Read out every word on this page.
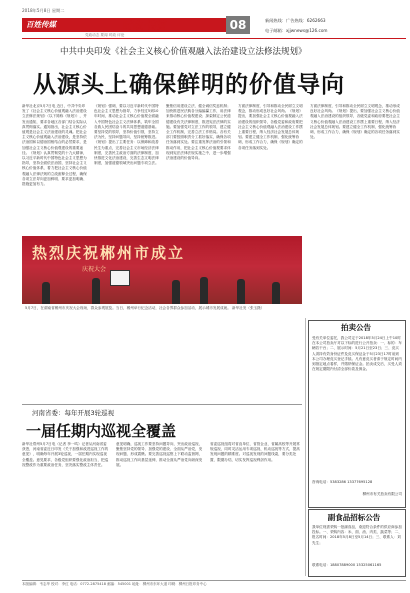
2018年5月8日 星期二
百姓传媒	时政·博览	08
党政动态 要闻 时政 评论
新闻热线：广告热线：6262663
电子邮箱：xjjwnews@126.com
中共中央印发《社会主义核心价值观融入法治建设立法修法规划》
从源头上确保鲜明的价值导向
新华社北京5月7日电 近日，中共中央印发了《社会主义核心价值观融入法治建设立法修法规划》（以下简称《规划》），并发出通知，要求各地区各部门结合实际认真贯彻落实。通知指出，社会主义核心价值观是社会主义法治建设的灵魂。把社会主义核心价值观融入法治建设，是坚持依法治国和以德治国相结合的必然要求，是加强社会主义核心价值观建设的重要途径。《规划》认真贯彻党的十九大精神，以习近平新时代中国特色社会主义思想为指导，坚持全面依法治国，坚持社会主义核心价值体系，着力把社会主义核心价值观融入法律法规的立改废释全过程，确保各项立法导向更加鲜明、要求更加明确、措施更加有力。
《规划》强调，要以习近平新时代中国特色社会主义思想为指导，力争经过5到10年时间，推动社会主义核心价值观全面融入中国特色社会主义法律体系，筑牢全国各族人民团结奋斗的共同思想道德基础。要坚持党的领导，坚持价值引领，坚持立法为民，坚持问题导向，坚持统筹推进。《规划》提出了主要任务：以保障和改善民生为重点，完善社会主义市场经济法律制度，完善民主政治方面的法律制度，加快推进文化法治建设，完善生态文明法律制度，加强道德领域突出问题专项立法。
聚焦信用建设立法、健全诚信奖惩机制；加快推进民法典各分编编纂工作，用法律来推动核心价值观建设；探索制定公民道德建设有关法律制度，推进宪法法律的实施。要加强党对立法工作的领导，建立健全工作机制，完善立法工作格局。各有关部门要按照职责分工抓好落实，确保各项任务落到实处。要注重发挥法治的引领和推动作用，把社会主义核心价值观要求体现到宪法法律法规实施之中，进一步增强法治建设的价值导向。
方面法律制度，引导和推动全民树立文明观念，推动形成良好社会风尚。《规划》提出，要加强社会主义核心价值观融入法治建设的组织领导，各级党委和政府要把社会主义核心价值观融入法治建设工作摆上重要日程，纳入经济社会发展总体规划。要建立健全工作机制，强化统筹协调，形成工作合力，确保《规划》确定的各项任务落到实处。
方面法律制度，引导和推动全民树立文明观念，推动形成良好社会风尚。《规划》提出，要加强社会主义核心价值观融入法治建设的组织领导，各级党委和政府要把社会主义核心价值观融入法治建设工作摆上重要日程，纳入经济社会发展总体规划。要建立健全工作机制，强化统筹协调，形成工作合力，确保《规划》确定的各项任务落到实处。
热烈庆祝郴州市成立
庆祝大会
5月7日，在湖南省郴州市庆祝大会现场，群众参观展览。当日，郴州举行纪念活动，社会各界群众参加活动，展示城市发展成就。 新华社发（张玉摄）
河南省委：每年开展3轮巡视
一届任期内巡视全覆盖
新华社郑州5月7日电（记者 李一鸣）记者从河南省委获悉，河南省委近日印发《关于加强和改进巡视工作的意见》，明确每年开展3轮巡视，一届任期内实现巡视全覆盖。意见要求，各级党组织要强化政治担当，把巡视整改作为重要政治任务，坚决落实整改主体责任。
意见明确，巡视工作要坚持问题导向，突出政治巡视，聚焦坚持党的领导、加强党的建设、全面从严治党，发现问题、形成震慑。要完善巡视巡察上下联动监督网，推动巡视工作向基层延伸，推动全面从严治党向纵深发展。
省委巡视组将对省直单位、省管企业、省属高校等开展常规巡视，同时灵活运用专项巡视、机动巡视等方式，提高发现问题的精准度。对巡视发现的问题线索，要分类处置、限期办结，切实发挥巡视利剑作用。
拍卖公告
受有关单位委托，我公司定于2018年5月24日上午10时在本公司拍卖厅对以下标的进行公开拍卖：一、标的：车辆若干台；二、展示时间：5月21日至23日；三、竞买人须持有效身份证件及竞买保证金于5月23日17时前到本公司办理竞买登记手续。凡有意竞买者请于规定时间内到指定地点看样，并缴纳保证金。拍卖成交后，买受人须在规定期限内付清全部价款及佣金。
咨询电话：5383286 13377695128
柳州市有关拍卖有限公司
副食品招标公告
我单位现需采购一批副食品，欢迎符合条件的供应商参加投标。一、采购内容：米、面、油、肉类、蔬菜等；二、报名时间：2018年5月8日至5月14日；三、联系人：刘先生；
联系电话：18807889000 15325061165
本版编辑：韦志华 校对：李红 电话：0772-2875418 邮编：545001 地址：柳州市东环大道 印刷：柳州日报印务中心
